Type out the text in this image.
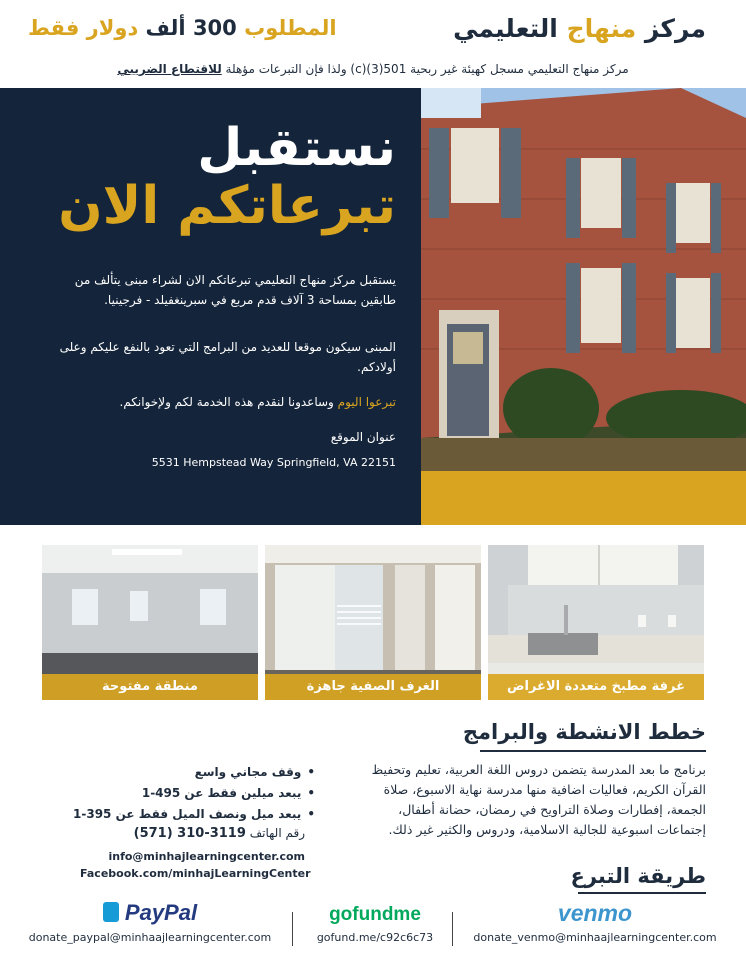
مركز منهاج التعليمي
المطلوب 300 ألف دولار فقط
مركز منهاج التعليمي مسجل كهيئة غير ربحية 501(3)(c) ولذا فإن التبرعات مؤهلة للاقتطاع الضريبي
نستقبل
تبرعاتكم الان
يستقبل مركز منهاج التعليمي تبرعاتكم الان لشراء مبنى يتألف من طابقين بمساحة 3 آلاف قدم مربع في سبرينغفيلد - فرجينيا.
المبنى سيكون موقعا للعديد من البرامج التي تعود بالنفع عليكم وعلى أولادكم.
تبرعوا اليوم وساعدونا لنقدم هذه الخدمة لكم ولإخوانكم.
عنوان الموقع
5531 Hempstead Way Springfield, VA 22151
منطقة مفتوحة	الغرف الصفية جاهزة	غرفة مطبخ متعددة الاغراض
خطط الانشطة والبرامج
برنامج ما بعد المدرسة يتضمن دروس اللغة العربية، تعليم وتحفيظ القرآن الكريم، فعاليات اضافية منها مدرسة نهاية الاسبوع، صلاة الجمعة، إفطارات وصلاة التراويح في رمضان، حضانة أطفال، إجتماعات اسبوعية للجالية الاسلامية، ودروس والكثير غير ذلك.
• وقف مجاني واسع
• يبعد ميلين فقط عن 495-1
• يبعد ميل ونصف الميل فقط عن 395-1
رقم الهاتف (571) 310-3119
info@minhajlearningcenter.com
Facebook.com/minhajLearningCenter	طريقة التبرع
venmo
donate_venmo@minhaajlearningcenter.com
gofundme
gofund.me/c92c6c73
PayPal
donate_paypal@minhaajlearningcenter.com
